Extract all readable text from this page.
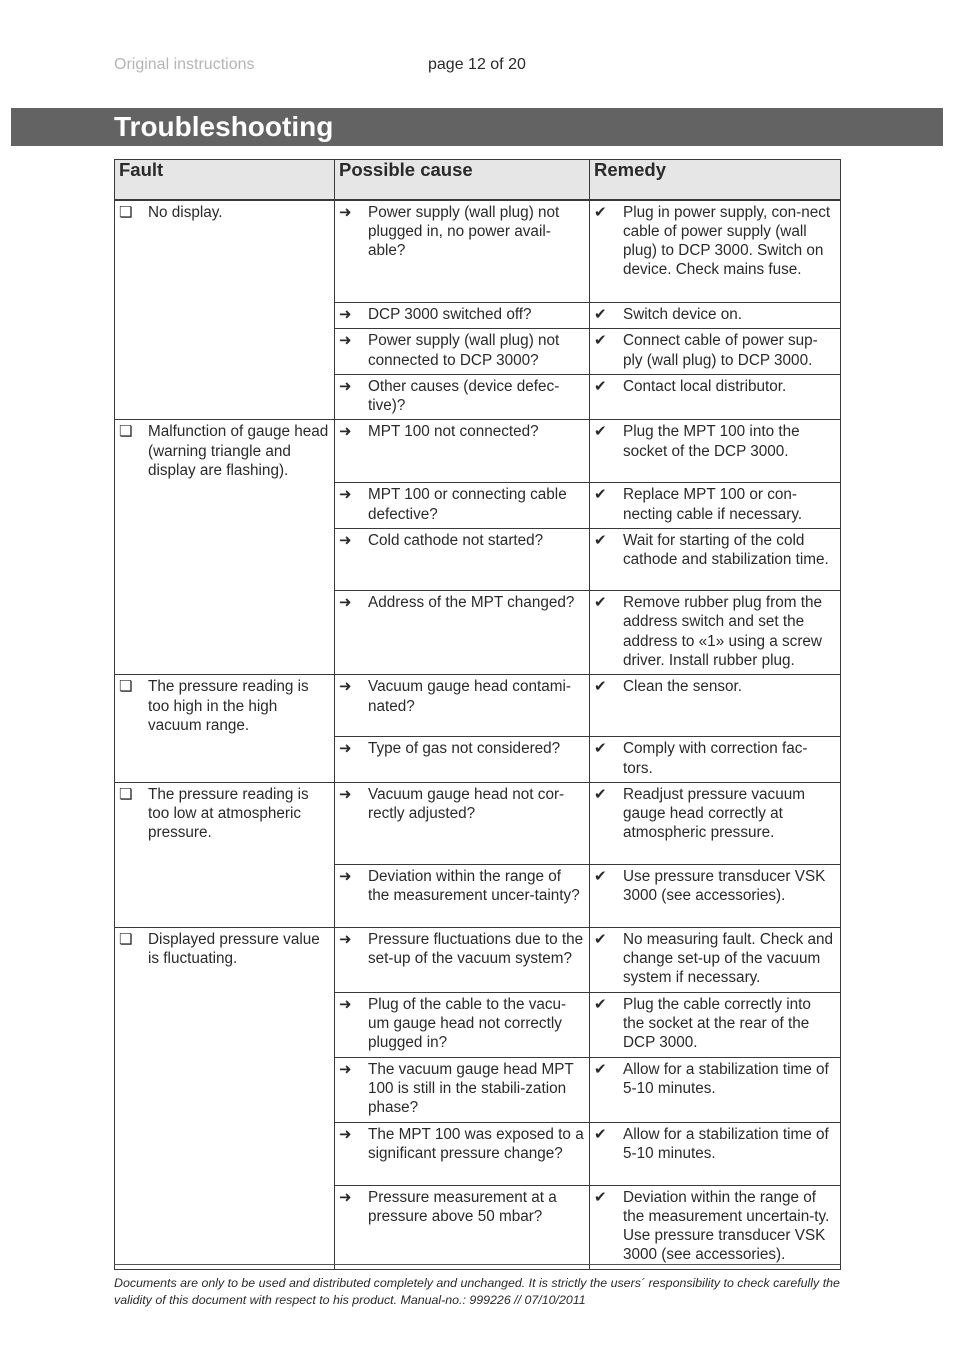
Original instructions	page 12 of 20
Troubleshooting
Fault	Possible cause	Remedy

❏ No display.	➜ Power supply (wall plug) not plugged in, no power avail-able?	✔ Plug in power supply, con-nect cable of power supply (wall plug) to DCP 3000. Switch on device. Check mains fuse.

	➜ DCP 3000 switched off?	✔ Switch device on.

	➜ Power supply (wall plug) not connected to DCP 3000?	✔ Connect cable of power sup-ply (wall plug) to DCP 3000.

	➜ Other causes (device defec-tive)?	✔ Contact local distributor.

❏ Malfunction of gauge head (warning triangle and display are flashing).	➜ MPT 100 not connected?	✔ Plug the MPT 100 into the socket of the DCP 3000.

	➜ MPT 100 or connecting cable defective?	✔ Replace MPT 100 or con-necting cable if necessary.

	➜ Cold cathode not started?	✔ Wait for starting of the cold cathode and stabilization time.

	➜ Address of the MPT changed?	✔ Remove rubber plug from the address switch and set the address to «1» using a screw driver. Install rubber plug.

❏ The pressure reading is too high in the high vacuum range.	➜ Vacuum gauge head contami-nated?	✔ Clean the sensor.

	➜ Type of gas not considered?	✔ Comply with correction fac-tors.

❏ The pressure reading is too low at atmospheric pressure.	➜ Vacuum gauge head not cor-rectly adjusted?	✔ Readjust pressure vacuum gauge head correctly at atmospheric pressure.

	➜ Deviation within the range of the measurement uncer-tainty?	✔ Use pressure transducer VSK 3000 (see accessories).

❏ Displayed pressure value is fluctuating.	➜ Pressure fluctuations due to the set-up of the vacuum system?	✔ No measuring fault. Check and change set-up of the vacuum system if necessary.

	➜ Plug of the cable to the vacu-um gauge head not correctly plugged in?	✔ Plug the cable correctly into the socket at the rear of the DCP 3000.

	➜ The vacuum gauge head MPT 100 is still in the stabili-zation phase?	✔ Allow for a stabilization time of 5-10 minutes.

	➜ The MPT 100 was exposed to a significant pressure change?	✔ Allow for a stabilization time of 5-10 minutes.

	➜ Pressure measurement at a pressure above 50 mbar?	✔ Deviation within the range of the measurement uncertain-ty. Use pressure transducer VSK 3000 (see accessories).
Documents are only to be used and distributed completely and unchanged. It is strictly the users´ responsibility to check carefully the validity of this document with respect to his product. Manual-no.: 999226 // 07/10/2011
